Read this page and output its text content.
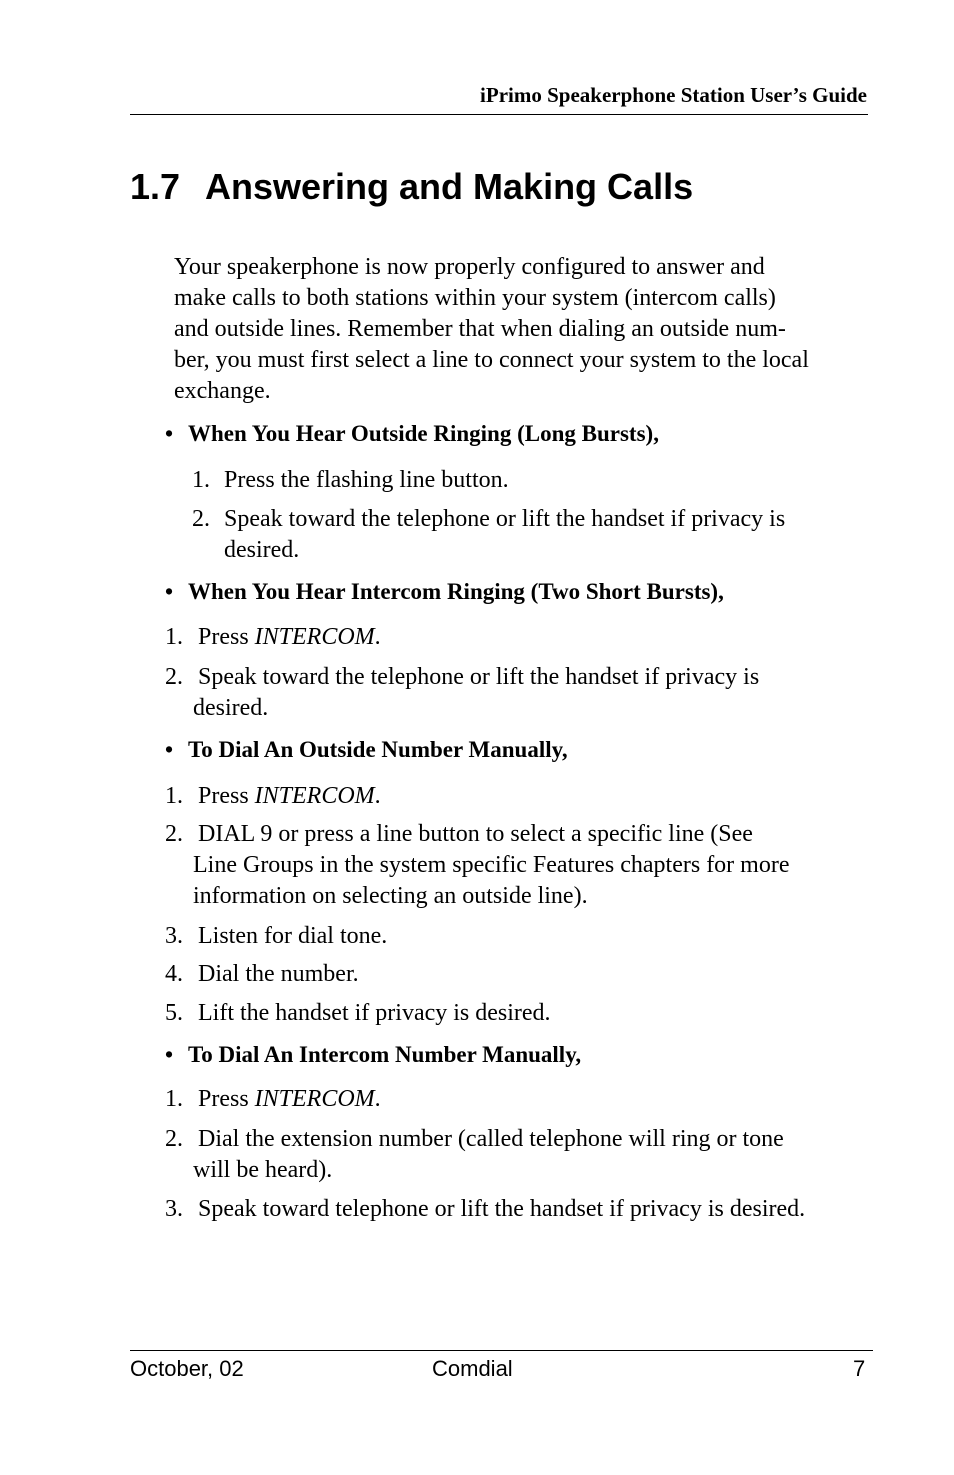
iPrimo Speakerphone Station User’s Guide
1.7 Answering and Making Calls

Your speakerphone is now properly configured to answer and
make calls to both stations within your system (intercom calls)
and outside lines. Remember that when dialing an outside num-
ber, you must first select a line to connect your system to the local
exchange.

• When You Hear Outside Ringing (Long Bursts),

1. Press the flashing line button.

2. Speak toward the telephone or lift the handset if privacy is
desired.

• When You Hear Intercom Ringing (Two Short Bursts),

1. Press INTERCOM.

2. Speak toward the telephone or lift the handset if privacy is
desired.

• To Dial An Outside Number Manually,

1. Press INTERCOM.

2. DIAL 9 or press a line button to select a specific line (See
Line Groups in the system specific Features chapters for more
information on selecting an outside line).

3. Listen for dial tone.

4. Dial the number.

5. Lift the handset if privacy is desired.

• To Dial An Intercom Number Manually,

1. Press INTERCOM.

2. Dial the extension number (called telephone will ring or tone
will be heard).

3. Speak toward telephone or lift the handset if privacy is desired.

October, 02	Comdial	7
